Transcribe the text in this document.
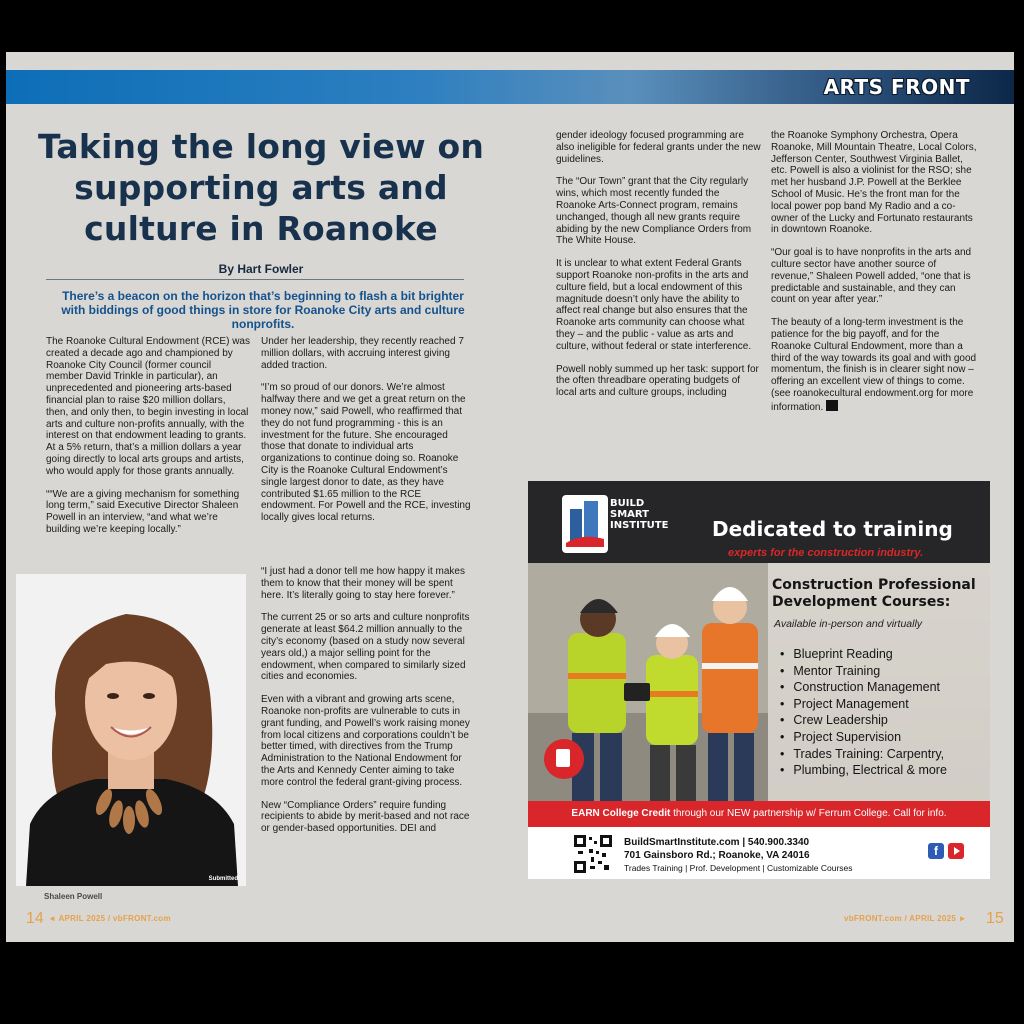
ARTS FRONT
Taking the long view on supporting arts and culture in Roanoke
By Hart Fowler
There’s a beacon on the horizon that’s beginning to flash a bit brighter with biddings of good things in store for Roanoke City arts and culture nonprofits.

The Roanoke Cultural Endowment (RCE) was created a decade ago and championed by Roanoke City Council (former council member David Trinkle in particular), an unprecedented and pioneering arts-based financial plan to raise $20 million dollars, then, and only then, to begin investing in local arts and culture non-profits annually, with the interest on that endowment leading to grants. At a 5% return, that’s a million dollars a year going directly to local arts groups and artists, who would apply for those grants annually.

““We are a giving mechanism for something long term,” said Executive Director Shaleen Powell in an interview, “and what we’re building we’re keeping locally.”

Under her leadership, they recently reached 7 million dollars, with accruing interest giving added traction.

“I’m so proud of our donors. We’re almost halfway there and we get a great return on the money now,” said Powell, who reaffirmed that they do not fund programming - this is an investment for the future. She encouraged those that donate to individual arts organizations to continue doing so. Roanoke City is the Roanoke Cultural Endowment’s single largest donor to date, as they have contributed $1.65 million to the RCE endowment. For Powell and the RCE, investing locally gives local returns.

“I just had a donor tell me how happy it makes them to know that their money will be spent here. It’s literally going to stay here forever.”

The current 25 or so arts and culture nonprofits generate at least $64.2 million annually to the city’s economy (based on a study now several years old,) a major selling point for the endowment, when compared to similarly sized cities and economies.

Even with a vibrant and growing arts scene, Roanoke non-profits are vulnerable to cuts in grant funding, and Powell’s work raising money from local citizens and corporations couldn’t be better timed, with directives from the Trump Administration to the National Endowment for the Arts and Kennedy Center aiming to take more control the federal grant-giving process.

New “Compliance Orders” require funding recipients to abide by merit-based and not race or gender-based opportunities. DEI and

gender ideology focused programming are also ineligible for federal grants under the new guidelines.

The “Our Town” grant that the City regularly wins, which most recently funded the Roanoke Arts-Connect program, remains unchanged, though all new grants require abiding by the new Compliance Orders from The White House.

It is unclear to what extent Federal Grants support Roanoke non-profits in the arts and culture field, but a local endowment of this magnitude doesn’t only have the ability to affect real change but also ensures that the Roanoke arts community can choose what they – and the public - value as arts and culture, without federal or state interference.

Powell nobly summed up her task: support for the often threadbare operating budgets of local arts and culture groups, including

the Roanoke Symphony Orchestra, Opera Roanoke, Mill Mountain Theatre, Local Colors, Jefferson Center, Southwest Virginia Ballet, etc. Powell is also a violinist for the RSO; she met her husband J.P. Powell at the Berklee School of Music. He’s the front man for the local power pop band My Radio and a co-owner of the Lucky and Fortunato restaurants in downtown Roanoke.

“Our goal is to have nonprofits in the arts and culture sector have another source of revenue,” Shaleen Powell added, “one that is predictable and sustainable, and they can count on year after year.”

The beauty of a long-term investment is the patience for the big payoff, and for the Roanoke Cultural Endowment, more than a third of the way towards its goal and with good momentum, the finish is in clearer sight now – offering an excellent view of things to come. (see roanokecultural endowment.org for more information.

Submitted
Shaleen Powell
BUILD
SMART
INSTITUTE Dedicated to training
experts for the construction industry.
Construction Professional Development Courses:
Available in-person and virtually
• Blueprint Reading
• Mentor Training
• Construction Management
• Project Management
• Crew Leadership
• Project Supervision
• Trades Training: Carpentry,
• Plumbing, Electrical & more
EARN College Credit through our NEW partnership w/ Ferrum College. Call for info.
BuildSmartInstitute.com | 540.900.3340
701 Gainsboro Rd.; Roanoke, VA 24016
Trades Training | Prof. Development | Customizable Courses
f
14 ◄ APRIL 2025 / vbFRONT.com	vbFRONT.com / APRIL 2025 ► 15
